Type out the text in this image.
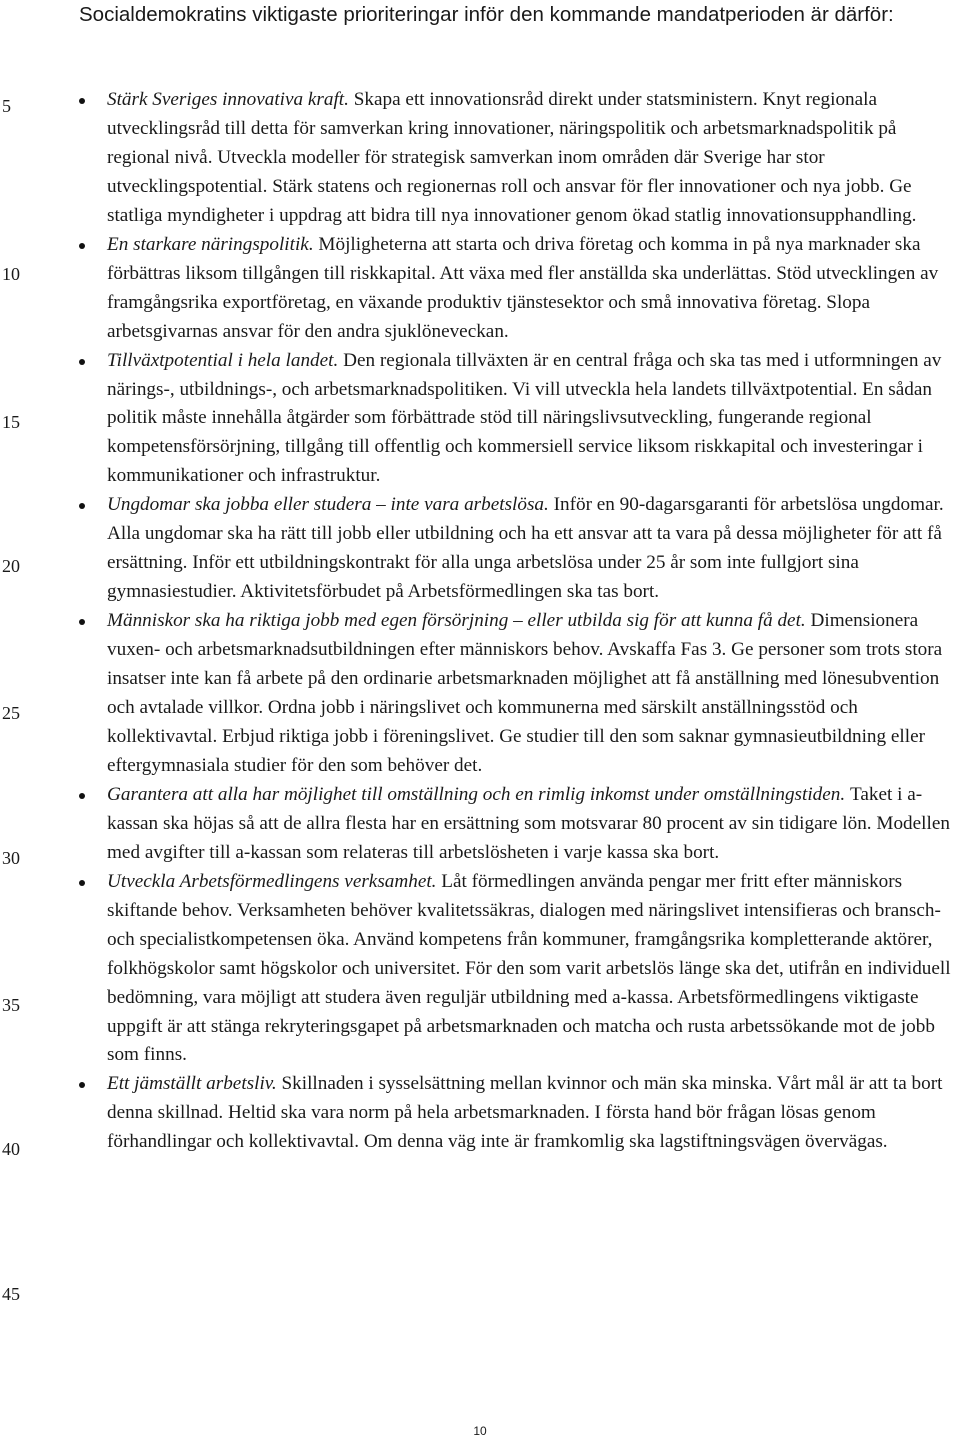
Socialdemokratins viktigaste prioriteringar inför den kommande mandatperioden är därför:
5
10
15
20
25
30
35
40
45
Stärk Sveriges innovativa kraft. Skapa ett innovationsråd direkt under statsministern. Knyt regionala utvecklingsråd till detta för samverkan kring innovationer, näringspolitik och arbetsmarknadspolitik på regional nivå. Utveckla modeller för strategisk samverkan inom områden där Sverige har stor utvecklingspotential. Stärk statens och regionernas roll och ansvar för fler innovationer och nya jobb. Ge statliga myndigheter i uppdrag att bidra till nya innovationer genom ökad statlig innovationsupphandling.
En starkare näringspolitik. Möjligheterna att starta och driva företag och komma in på nya marknader ska förbättras liksom tillgången till riskkapital. Att växa med fler anställda ska underlättas. Stöd utvecklingen av framgångsrika exportföretag, en växande produktiv tjänstesektor och små innovativa företag. Slopa arbetsgivarnas ansvar för den andra sjuklöneveckan.
Tillväxtpotential i hela landet. Den regionala tillväxten är en central fråga och ska tas med i utformningen av närings-, utbildnings-, och arbetsmarknadspolitiken. Vi vill utveckla hela landets tillväxtpotential. En sådan politik måste innehålla åtgärder som förbättrade stöd till näringslivsutveckling, fungerande regional kompetensförsörjning, tillgång till offentlig och kommersiell service liksom riskkapital och investeringar i kommunikationer och infrastruktur.
Ungdomar ska jobba eller studera – inte vara arbetslösa. Inför en 90-dagarsgaranti för arbetslösa ungdomar. Alla ungdomar ska ha rätt till jobb eller utbildning och ha ett ansvar att ta vara på dessa möjligheter för att få ersättning. Inför ett utbildningskontrakt för alla unga arbetslösa under 25 år som inte fullgjort sina gymnasiestudier. Aktivitetsförbudet på Arbetsförmedlingen ska tas bort.
Människor ska ha riktiga jobb med egen försörjning – eller utbilda sig för att kunna få det. Dimensionera vuxen- och arbetsmarknadsutbildningen efter människors behov. Avskaffa Fas 3. Ge personer som trots stora insatser inte kan få arbete på den ordinarie arbetsmarknaden möjlighet att få anställning med lönesubvention och avtalade villkor. Ordna jobb i näringslivet och kommunerna med särskilt anställningsstöd och kollektivavtal. Erbjud riktiga jobb i föreningslivet. Ge studier till den som saknar gymnasieutbildning eller eftergymnasiala studier för den som behöver det.
Garantera att alla har möjlighet till omställning och en rimlig inkomst under omställningstiden. Taket i a-kassan ska höjas så att de allra flesta har en ersättning som motsvarar 80 procent av sin tidigare lön. Modellen med avgifter till a-kassan som relateras till arbetslösheten i varje kassa ska bort.
Utveckla Arbetsförmedlingens verksamhet. Låt förmedlingen använda pengar mer fritt efter människors skiftande behov. Verksamheten behöver kvalitetssäkras, dialogen med näringslivet intensifieras och bransch- och specialistkompetensen öka. Använd kompetens från kommuner, framgångsrika kompletterande aktörer, folkhögskolor samt högskolor och universitet. För den som varit arbetslös länge ska det, utifrån en individuell bedömning, vara möjligt att studera även reguljär utbildning med a-kassa. Arbetsförmedlingens viktigaste uppgift är att stänga rekryteringsgapet på arbetsmarknaden och matcha och rusta arbetssökande mot de jobb som finns.
Ett jämställt arbetsliv. Skillnaden i sysselsättning mellan kvinnor och män ska minska. Vårt mål är att ta bort denna skillnad. Heltid ska vara norm på hela arbetsmarknaden. I första hand bör frågan lösas genom förhandlingar och kollektivavtal. Om denna väg inte är framkomlig ska lagstiftningsvägen övervägas.
10
